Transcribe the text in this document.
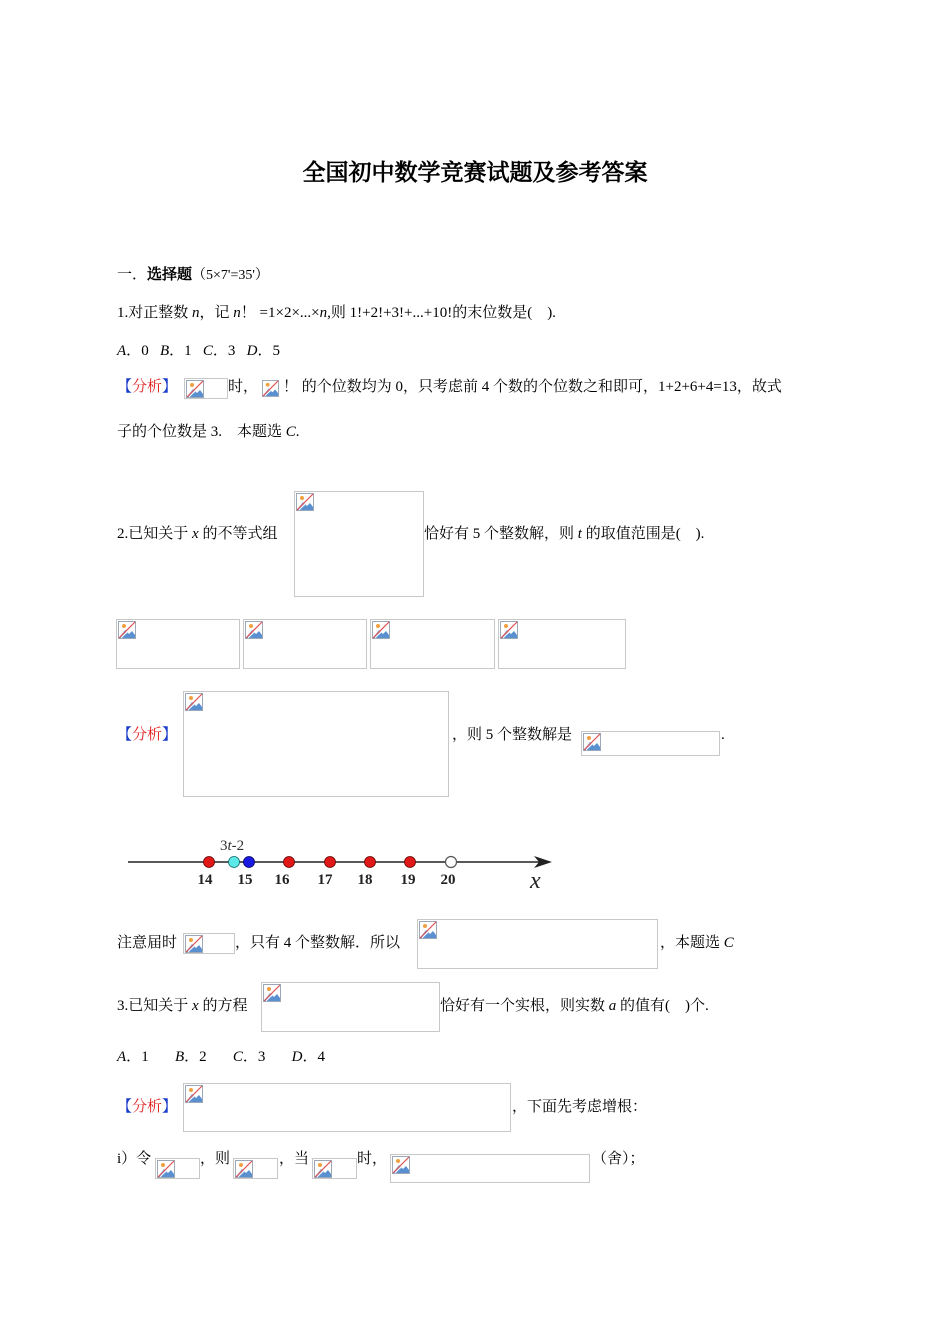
全国初中数学竞赛试题及参考答案
一．选择题（5×7'=35'）
1.对正整数 n，记 n！ =1×2×...×n,则 1!+2!+3!+...+10!的末位数是(　).
A．0  B．1  C．3  D．5
【分析】	时， ！ 的个位数均为 0，只考虑前 4 个数的个位数之和即可，1+2+6+4=13，故式
子的个位数是 3.　本题选 C.
2.已知关于 x 的不等式组	恰好有 5 个整数解，则 t 的取值范围是(　).
【分析】	，则 5 个整数解是	.
3t-2
14 15 16 17 18 19 20	x
注意届时	，只有 4 个整数解．所以	，本题选 C
3.已知关于 x 的方程	恰好有一个实根，则实数 a 的值有(　)个.
A．1   B．2   C．3   D．4
【分析】	，下面先考虑增根：
i）令	，则	，当	时，	（舍）；
